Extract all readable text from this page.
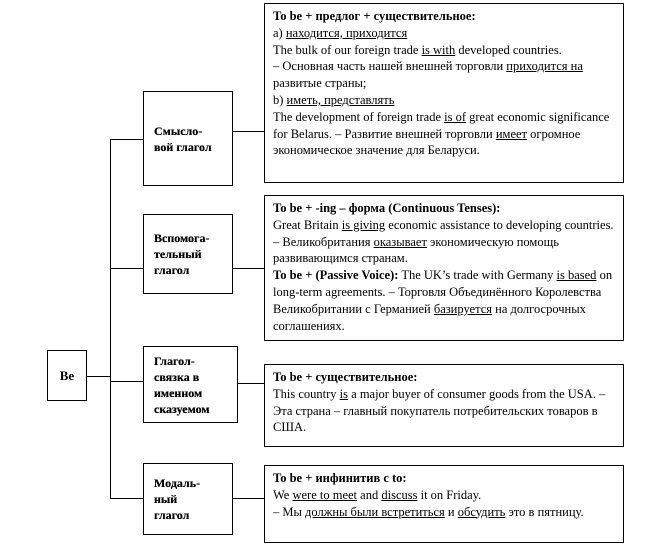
Be
Смысло-
вой глагол
Вспомога-
тельный
глагол
Глагол-
связка в
именном
сказуемом
Модаль-
ный
глагол

To be + предлог + существительное:

a) находится, приходится

The bulk of our foreign trade is with developed countries.

– Основная часть нашей внешней торговли приходится на развитые страны;

b) иметь, представлять

The development of foreign trade is of great economic significance for Belarus. – Развитие внешней торговли имеет огромное экономическое значение для Беларуси.

To be + -ing – форма (Continuous Tenses):

Great Britain is giving economic assistance to developing countries. – Великобритания оказывает экономическую помощь развивающимся странам.

To be + (Passive Voice): The UK’s trade with Germany is based on long-term agreements. – Торговля Объединённого Королевства Великобритании с Германией базируется на долгосрочных соглашениях.

To be + существительное:

This country is a major buyer of consumer goods from the USA. – Эта страна – главный покупатель потребительских товаров в США.

To be + инфинитив с to:

We were to meet and discuss it on Friday.

– Мы должны были встретиться и обсудить это в пятницу.
